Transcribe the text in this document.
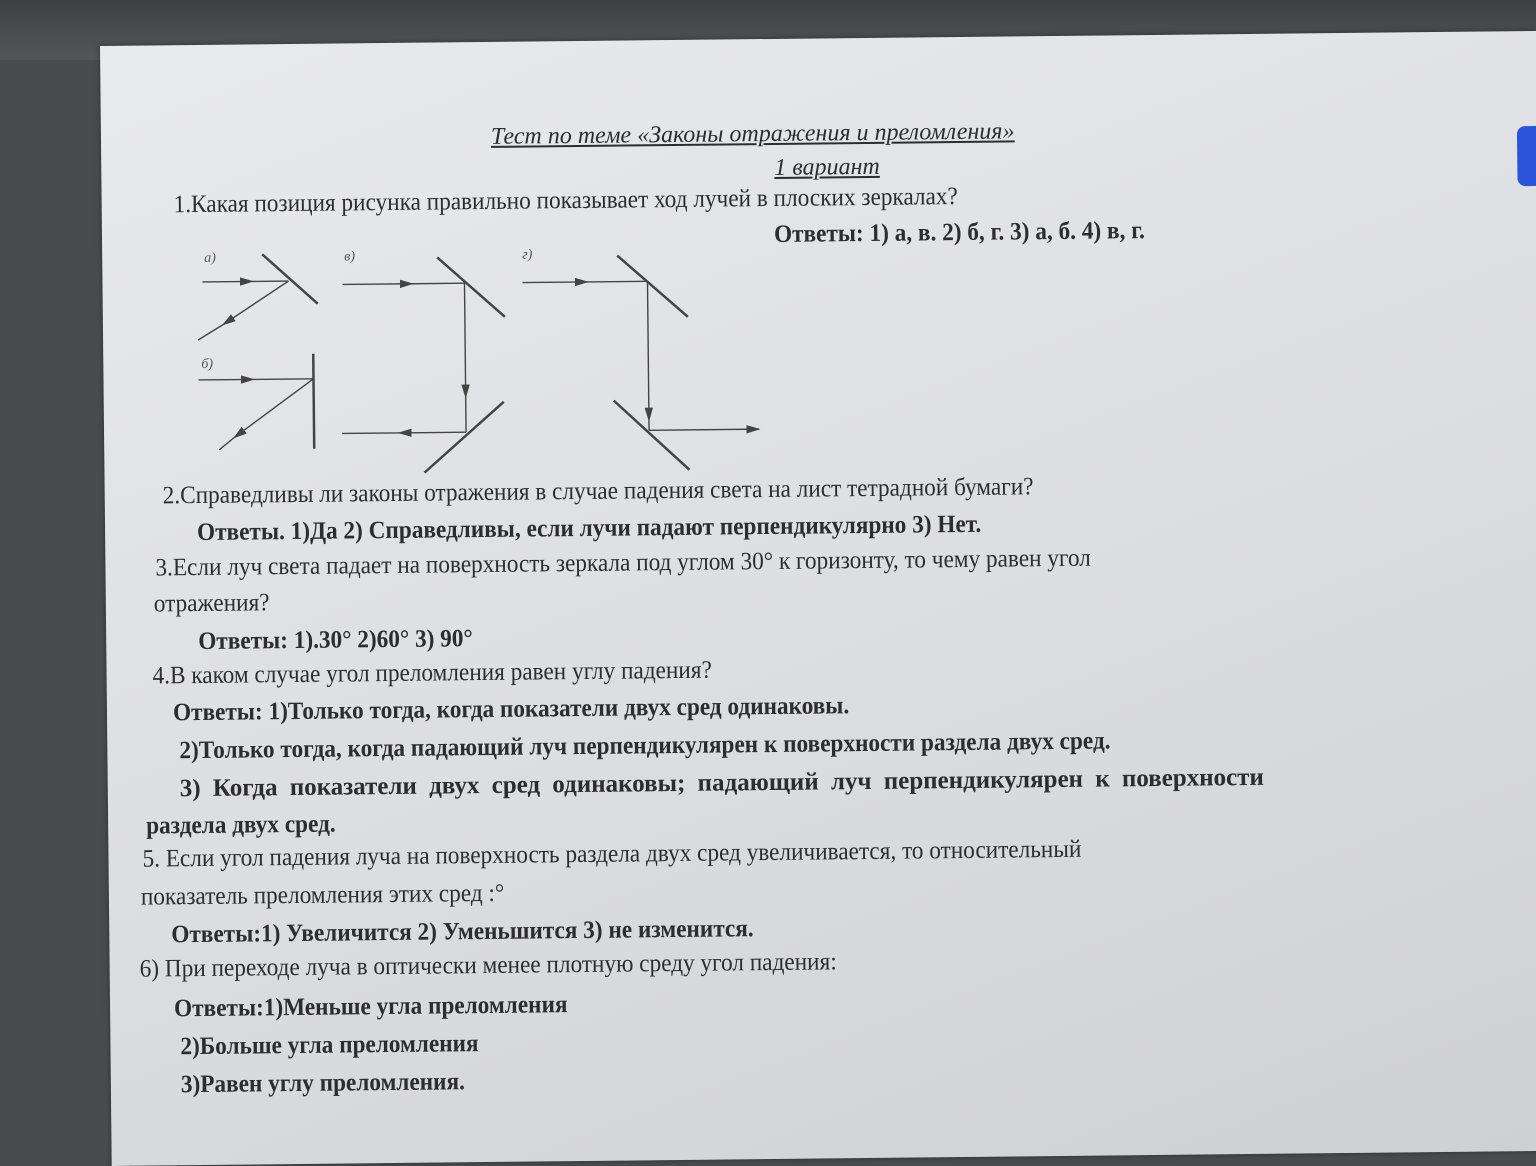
Тест по теме «Законы отражения и преломления»
1 вариант
1.Какая позиция рисунка правильно показывает ход лучей в плоских зеркалах?
Ответы: 1) а, в. 2) б, г. 3) а, б. 4) в, г.
а)	в)	г)
б)
2.Справедливы ли законы отражения в случае падения света на лист тетрадной бумаги?
Ответы. 1)Да 2) Справедливы, если лучи падают перпендикулярно 3) Нет.
3.Если луч света падает на поверхность зеркала под углом 30° к горизонту, то чему равен угол
отражения?
Ответы: 1).30° 2)60° 3) 90°
4.В каком случае угол преломления равен углу падения?
Ответы: 1)Только тогда, когда показатели двух сред одинаковы.
2)Только тогда, когда падающий луч перпендикулярен к поверхности раздела двух сред.
3) Когда показатели двух сред одинаковы; падающий луч перпендикулярен к поверхности
раздела двух сред.
5. Если угол падения луча на поверхность раздела двух сред увеличивается, то относительный
показатель преломления этих сред :°
Ответы:1) Увеличится 2) Уменьшится 3) не изменится.
6) При переходе луча в оптически менее плотную среду угол падения:
Ответы:1)Меньше угла преломления
2)Больше угла преломления
3)Равен углу преломления.
